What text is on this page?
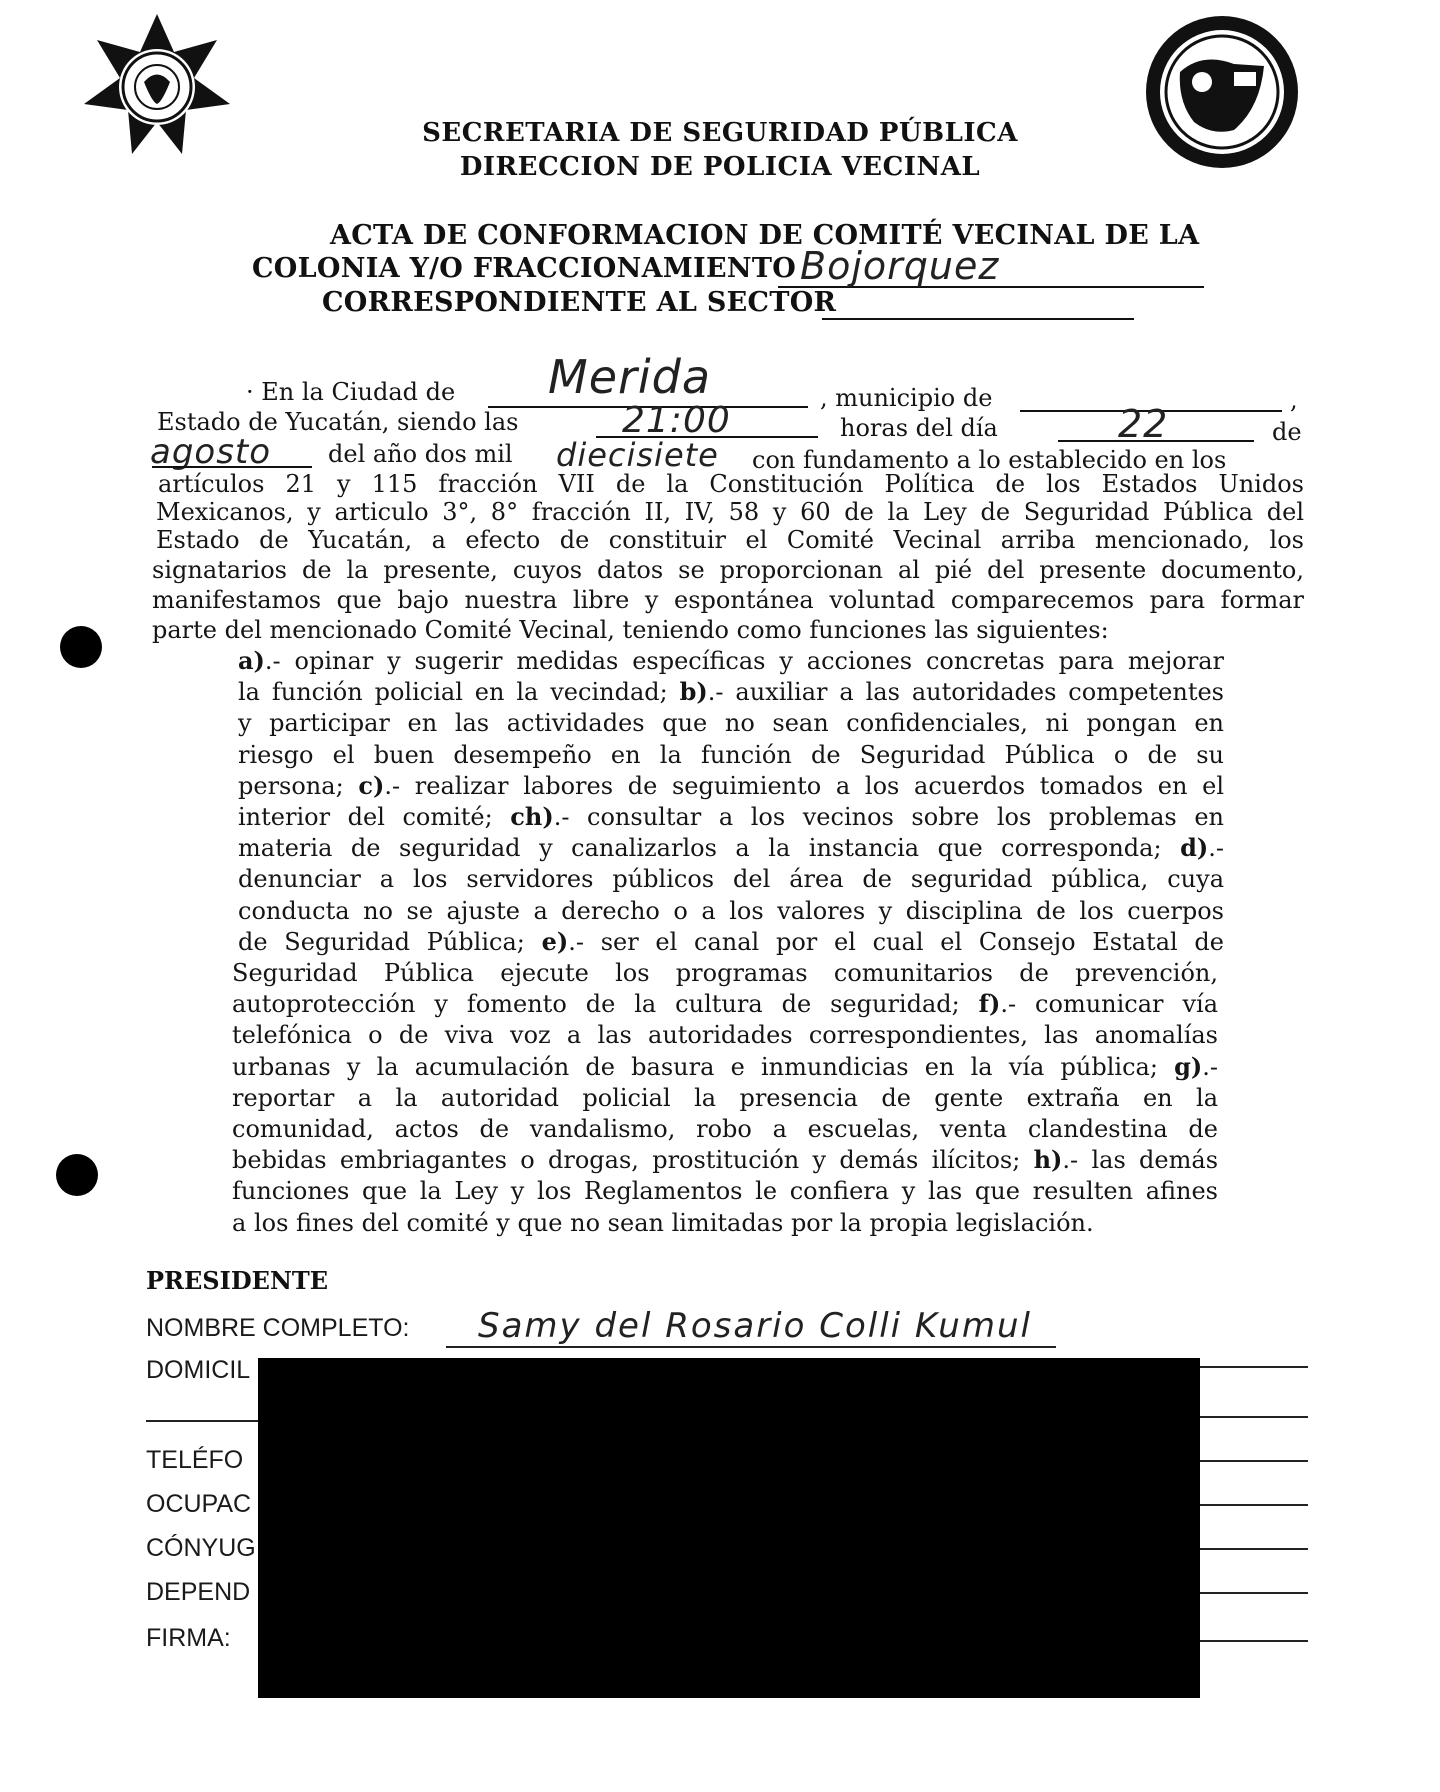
SECRETARIA DE SEGURIDAD PÚBLICA
DIRECCION DE POLICIA VECINAL
ACTA DE CONFORMACION DE COMITÉ VECINAL DE LA
COLONIA Y/O FRACCIONAMIENTO Bojorquez
CORRESPONDIENTE AL SECTOR
· En la Ciudad de Merida	, municipio de	,
Estado de Yucatán, siendo las	21:00	horas del día	22	de
agosto del año dos mil diecisiete con fundamento a lo establecido en los
artículos 21 y 115 fracción VII de la Constitución Política de los Estados Unidos
Mexicanos, y articulo 3°, 8° fracción II, IV, 58 y 60 de la Ley de Seguridad Pública del
Estado de Yucatán, a efecto de constituir el Comité Vecinal arriba mencionado, los
signatarios de la presente, cuyos datos se proporcionan al pié del presente documento,
manifestamos que bajo nuestra libre y espontánea voluntad comparecemos para formar
parte del mencionado Comité Vecinal, teniendo como funciones las siguientes:
a).- opinar y sugerir medidas específicas y acciones concretas para mejorar
la función policial en la vecindad; b).- auxiliar a las autoridades competentes
y participar en las actividades que no sean confidenciales, ni pongan en
riesgo el buen desempeño en la función de Seguridad Pública o de su
persona; c).- realizar labores de seguimiento a los acuerdos tomados en el
interior del comité; ch).- consultar a los vecinos sobre los problemas en
materia de seguridad y canalizarlos a la instancia que corresponda; d).-
denunciar a los servidores públicos del área de seguridad pública, cuya
conducta no se ajuste a derecho o a los valores y disciplina de los cuerpos
de Seguridad Pública; e).- ser el canal por el cual el Consejo Estatal de
Seguridad Pública ejecute los programas comunitarios de prevención,
autoprotección y fomento de la cultura de seguridad; f).- comunicar vía
telefónica o de viva voz a las autoridades correspondientes, las anomalías
urbanas y la acumulación de basura e inmundicias en la vía pública; g).-
reportar a la autoridad policial la presencia de gente extraña en la
comunidad, actos de vandalismo, robo a escuelas, venta clandestina de
bebidas embriagantes o drogas, prostitución y demás ilícitos; h).- las demás
funciones que la Ley y los Reglamentos le confiera y las que resulten afines
a los fines del comité y que no sean limitadas por la propia legislación.
PRESIDENTE
NOMBRE COMPLETO: Samy del Rosario Colli Kumul
DOMICIL
TELÉFO
OCUPAC
CÓNYUG
DEPEND
FIRMA:
